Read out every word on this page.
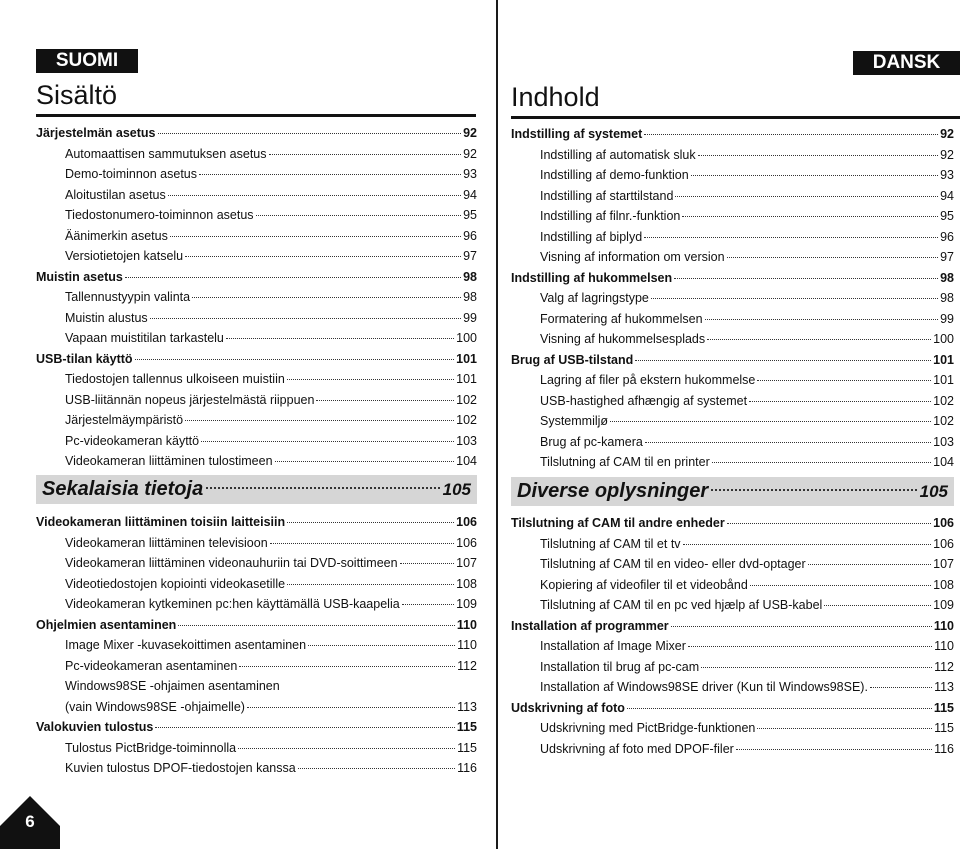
SUOMI
Sisältö
Järjestelmän asetus	92
Automaattisen sammutuksen asetus	92
Demo-toiminnon asetus	93
Aloitustilan asetus	94
Tiedostonumero-toiminnon asetus	95
Äänimerkin asetus	96
Versiotietojen katselu	97
Muistin asetus	98
Tallennustyypin valinta	98
Muistin alustus	99
Vapaan muistitilan tarkastelu	100
USB-tilan käyttö	101
Tiedostojen tallennus ulkoiseen muistiin	101
USB-liitännän nopeus järjestelmästä riippuen	102
Järjestelmäympäristö	102
Pc-videokameran käyttö	103
Videokameran liittäminen tulostimeen	104
Sekalaisia tietoja	105
Videokameran liittäminen toisiin laitteisiin	106
Videokameran liittäminen televisioon	106
Videokameran liittäminen videonauhuriin tai DVD-soittimeen	107
Videotiedostojen kopiointi videokasetille	108
Videokameran kytkeminen pc:hen käyttämällä USB-kaapelia	109
Ohjelmien asentaminen	110
Image Mixer -kuvasekoittimen asentaminen	110
Pc-videokameran asentaminen	112
Windows98SE -ohjaimen asentaminen
(vain Windows98SE -ohjaimelle)	113
Valokuvien tulostus	115
Tulostus PictBridge-toiminnolla	115
Kuvien tulostus DPOF-tiedostojen kanssa	116
DANSK
Indhold
Indstilling af systemet	92
Indstilling af automatisk sluk	92
Indstilling af demo-funktion	93
Indstilling af starttilstand	94
Indstilling af filnr.-funktion	95
Indstilling af biplyd	96
Visning af information om version	97
Indstilling af hukommelsen	98
Valg af lagringstype	98
Formatering af hukommelsen	99
Visning af hukommelsesplads	100
Brug af USB-tilstand	101
Lagring af filer på ekstern hukommelse	101
USB-hastighed afhængig af systemet	102
Systemmiljø	102
Brug af pc-kamera	103
Tilslutning af CAM til en printer	104
Diverse oplysninger	105
Tilslutning af CAM til andre enheder	106
Tilslutning af CAM til et tv	106
Tilslutning af CAM til en video- eller dvd-optager	107
Kopiering af videofiler til et videobånd	108
Tilslutning af CAM til en pc ved hjælp af USB-kabel	109
Installation af programmer	110
Installation af Image Mixer	110
Installation til brug af pc-cam	112
Installation af Windows98SE driver (Kun til Windows98SE).	113
Udskrivning af foto	115
Udskrivning med PictBridge-funktionen	115
Udskrivning af foto med DPOF-filer	116
6
